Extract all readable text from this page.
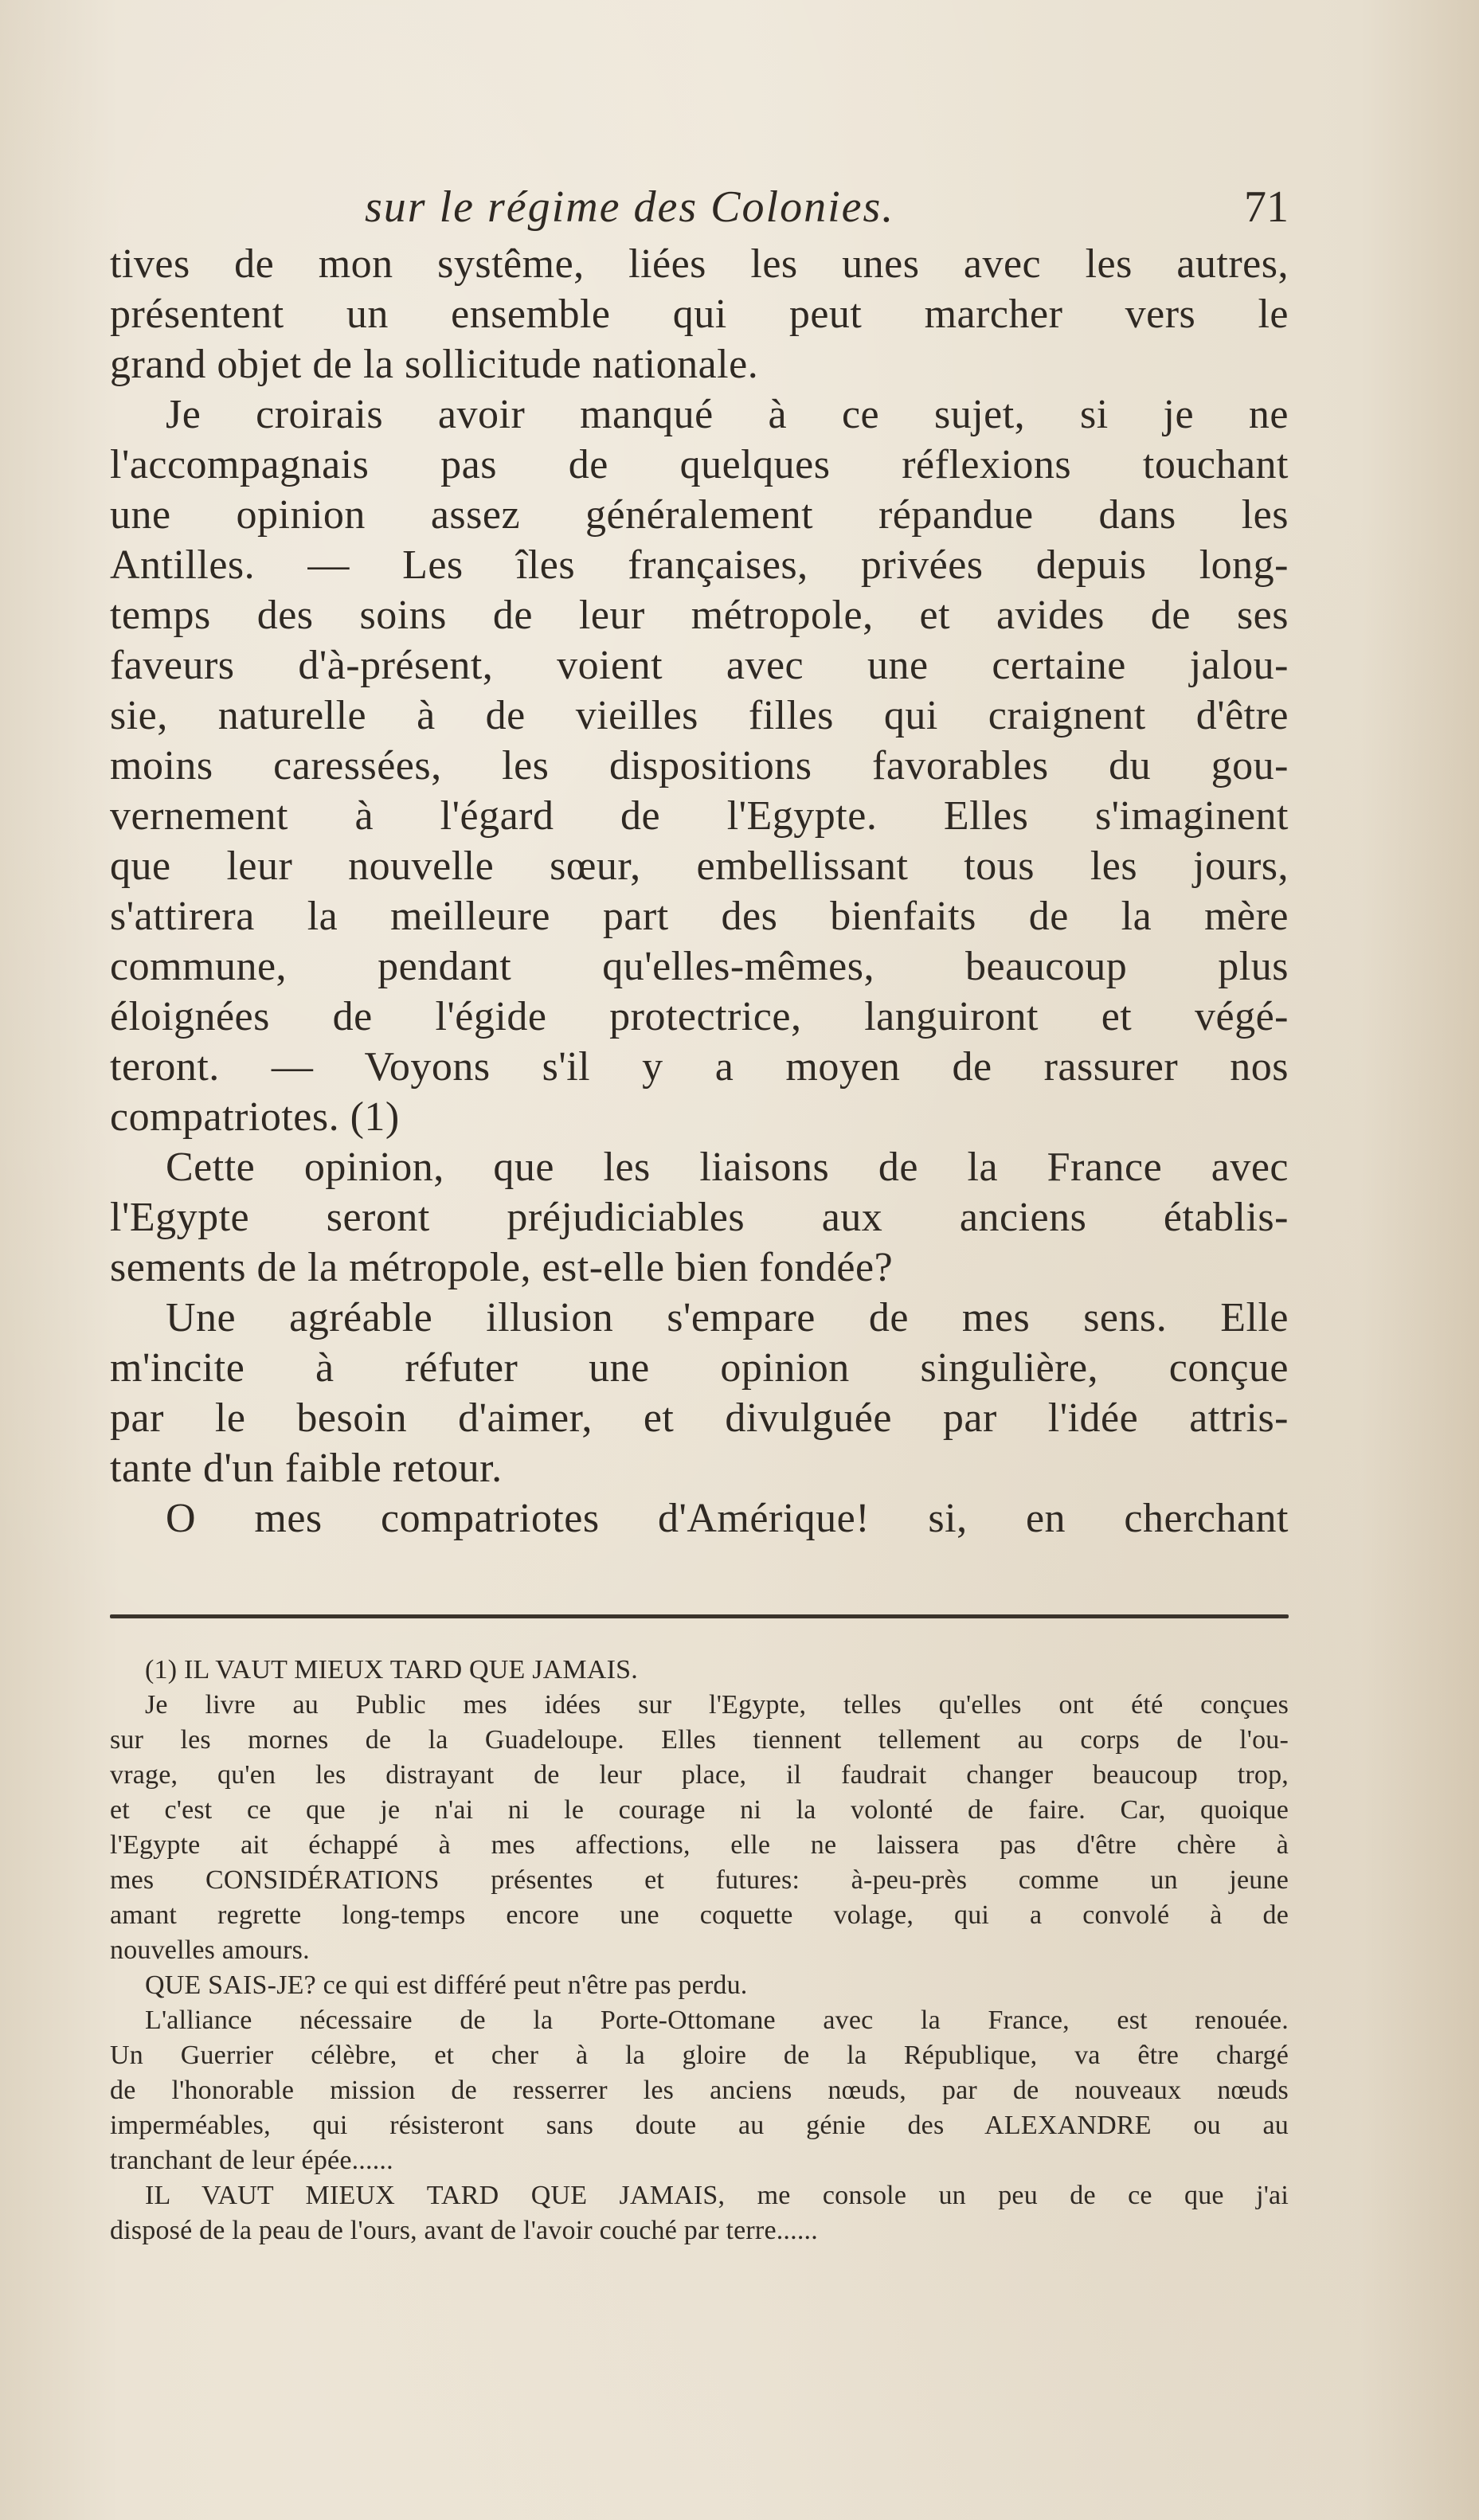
sur le régime des Colonies.	71
tives de mon systême, liées les unes avec les autres,
présentent un ensemble qui peut marcher vers le
grand objet de la sollicitude nationale.
Je croirais avoir manqué à ce sujet, si je ne
l'accompagnais pas de quelques réflexions touchant
une opinion assez généralement répandue dans les
Antilles. — Les îles françaises, privées depuis long-
temps des soins de leur métropole, et avides de ses
faveurs d'à-présent, voient avec une certaine jalou-
sie, naturelle à de vieilles filles qui craignent d'être
moins caressées, les dispositions favorables du gou-
vernement à l'égard de l'Egypte. Elles s'imaginent
que leur nouvelle sœur, embellissant tous les jours,
s'attirera la meilleure part des bienfaits de la mère
commune, pendant qu'elles-mêmes, beaucoup plus
éloignées de l'égide protectrice, languiront et végé-
teront. — Voyons s'il y a moyen de rassurer nos
compatriotes. (1)
Cette opinion, que les liaisons de la France avec
l'Egypte seront préjudiciables aux anciens établis-
sements de la métropole, est-elle bien fondée?
Une agréable illusion s'empare de mes sens. Elle
m'incite à réfuter une opinion singulière, conçue
par le besoin d'aimer, et divulguée par l'idée attris-
tante d'un faible retour.
O mes compatriotes d'Amérique! si, en cherchant
(1) IL VAUT MIEUX TARD QUE JAMAIS.
Je livre au Public mes idées sur l'Egypte, telles qu'elles ont été conçues
sur les mornes de la Guadeloupe. Elles tiennent tellement au corps de l'ou-
vrage, qu'en les distrayant de leur place, il faudrait changer beaucoup trop,
et c'est ce que je n'ai ni le courage ni la volonté de faire. Car, quoique
l'Egypte ait échappé à mes affections, elle ne laissera pas d'être chère à
mes CONSIDÉRATIONS présentes et futures: à-peu-près comme un jeune
amant regrette long-temps encore une coquette volage, qui a convolé à de
nouvelles amours.
QUE SAIS-JE? ce qui est différé peut n'être pas perdu.
L'alliance nécessaire de la Porte-Ottomane avec la France, est renouée.
Un Guerrier célèbre, et cher à la gloire de la République, va être chargé
de l'honorable mission de resserrer les anciens nœuds, par de nouveaux nœuds
imperméables, qui résisteront sans doute au génie des ALEXANDRE ou au
tranchant de leur épée......
IL VAUT MIEUX TARD QUE JAMAIS, me console un peu de ce que j'ai
disposé de la peau de l'ours, avant de l'avoir couché par terre......
